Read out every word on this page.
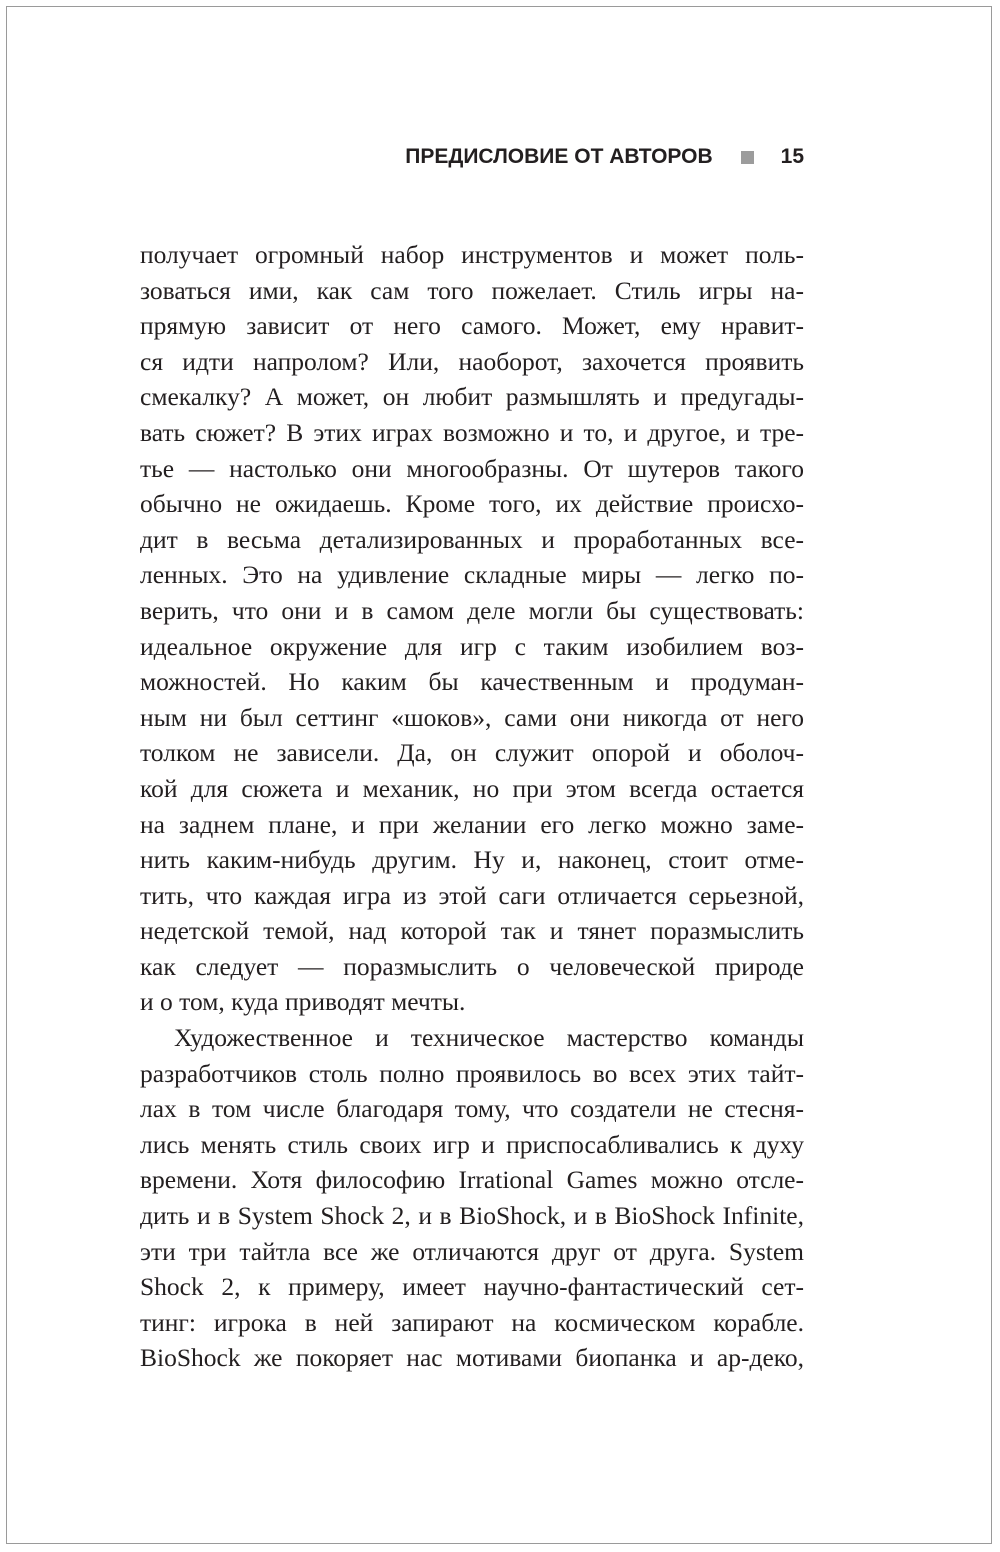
ПРЕДИСЛОВИЕ ОТ АВТОРОВ	15

получает огромный набор инструментов и может поль-
зоваться ими, как сам того пожелает. Стиль игры на-
прямую зависит от него самого. Может, ему нравит-
ся идти напролом? Или, наоборот, захочется проявить
смекалку? А может, он любит размышлять и предугады-
вать сюжет? В этих играх возможно и то, и другое, и тре-
тье — настолько они многообразны. От шутеров такого
обычно не ожидаешь. Кроме того, их действие происхо-
дит в весьма детализированных и проработанных все-
ленных. Это на удивление складные миры — легко по-
верить, что они и в самом деле могли бы существовать:
идеальное окружение для игр с таким изобилием воз-
можностей. Но каким бы качественным и продуман-
ным ни был сеттинг «шоков», сами они никогда от него
толком не зависели. Да, он служит опорой и оболоч-
кой для сюжета и механик, но при этом всегда остается
на заднем плане, и при желании его легко можно заме-
нить каким-нибудь другим. Ну и, наконец, стоит отме-
тить, что каждая игра из этой саги отличается серьезной,
недетской темой, над которой так и тянет поразмыслить
как следует — поразмыслить о человеческой природе
и о том, куда приводят мечты.

Художественное и техническое мастерство команды
разработчиков столь полно проявилось во всех этих тайт-
лах в том числе благодаря тому, что создатели не стесня-
лись менять стиль своих игр и приспосабливались к духу
времени. Хотя философию Irrational Games можно отсле-
дить и в System Shock 2, и в BioShock, и в BioShock Infinite,
эти три тайтла все же отличаются друг от друга. System
Shock 2, к примеру, имеет научно-фантастический сет-
тинг: игрока в ней запирают на космическом корабле.
BioShock же покоряет нас мотивами биопанка и ар-деко,
